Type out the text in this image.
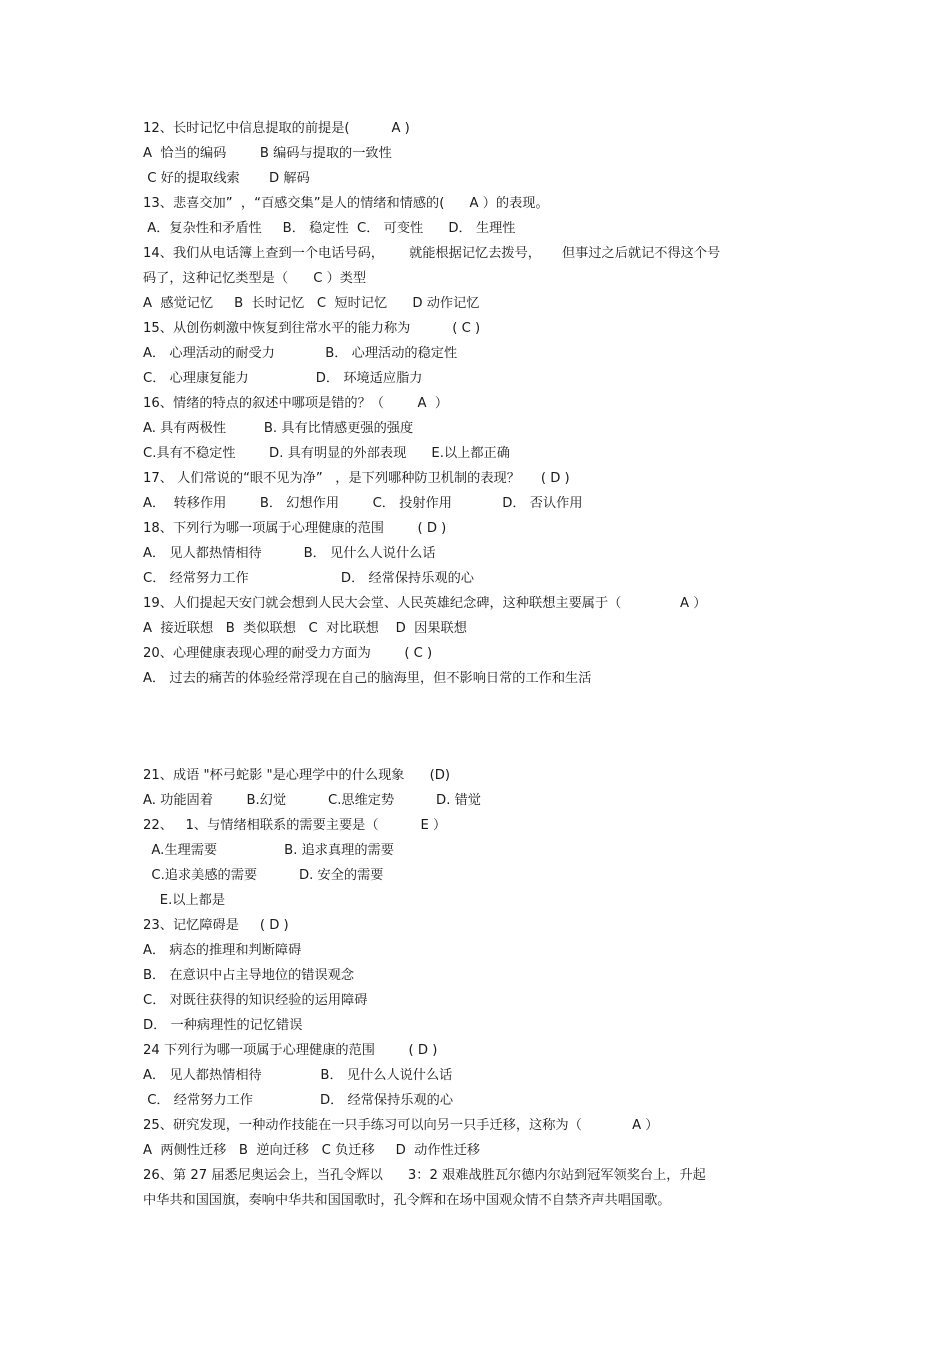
12、长时记忆中信息提取的前提是(          A )
A  恰当的编码        B 编码与提取的一致性
C 好的提取线索       D 解码
13、悲喜交加”  ，“百感交集”是人的情绪和情感的(      A ）的表现。
A．复杂性和矛盾性     B． 稳定性  C． 可变性      D． 生理性
14、我们从电话簿上查到一个电话号码，      就能根据记忆去拨号，     但事过之后就记不得这个号
码了，这种记忆类型是（      C ）类型
A  感觉记忆     B  长时记忆   C  短时记忆      D 动作记忆
15、从创伤刺激中恢复到往常水平的能力称为          ( C )
A． 心理活动的耐受力            B． 心理活动的稳定性
C． 心理康复能力                D． 环境适应脂力
16、情绪的特点的叙述中哪项是错的？（        A  ）
A. 具有两极性         B. 具有比情感更强的强度
C.具有不稳定性        D. 具有明显的外部表现      E.以上都正确
17、 人们常说的“眼不见为净”   ，是下列哪种防卫机制的表现？     ( D )
A．  转移作用        B． 幻想作用        C． 投射作用            D． 否认作用
18、下列行为哪一项属于心理健康的范围        ( D )
A． 见人都热情相待          B． 见什么人说什么话
C． 经常努力工作                      D． 经常保持乐观的心
19、人们提起天安门就会想到人民大会堂、人民英雄纪念碑，这种联想主要属于（              A ）
A  接近联想   B  类似联想   C  对比联想    D  因果联想
20、心理健康表现心理的耐受力方面为        ( C )
A． 过去的痛苦的体验经常浮现在自己的脑海里，但不影响日常的工作和生活
21、成语 "杯弓蛇影 "是心理学中的什么现象      (D)
A. 功能固着        B.幻觉          C.思维定势          D. 错觉
22、   1、与情绪相联系的需要主要是（          E ）
A.生理需要                B. 追求真理的需要
C.追求美感的需要          D. 安全的需要
E.以上都是
23、记忆障碍是     ( D )
A． 病态的推理和判断障碍
B． 在意识中占主导地位的错误观念
C． 对既往获得的知识经验的运用障碍
D． 一种病理性的记忆错误
24 下列行为哪一项属于心理健康的范围        ( D )
A． 见人都热情相待              B． 见什么人说什么话
C． 经常努力工作                D． 经常保持乐观的心
25、研究发现，一种动作技能在一只手练习可以向另一只手迁移，这称为（            A ）
A  两侧性迁移   B  逆向迁移   C 负迁移     D  动作性迁移
26、第 27 届悉尼奥运会上，当孔令辉以      3：2 艰难战胜瓦尔德内尔站到冠军领奖台上，升起
中华共和国国旗，奏响中华共和国国歌时，孔令辉和在场中国观众情不自禁齐声共唱国歌。
